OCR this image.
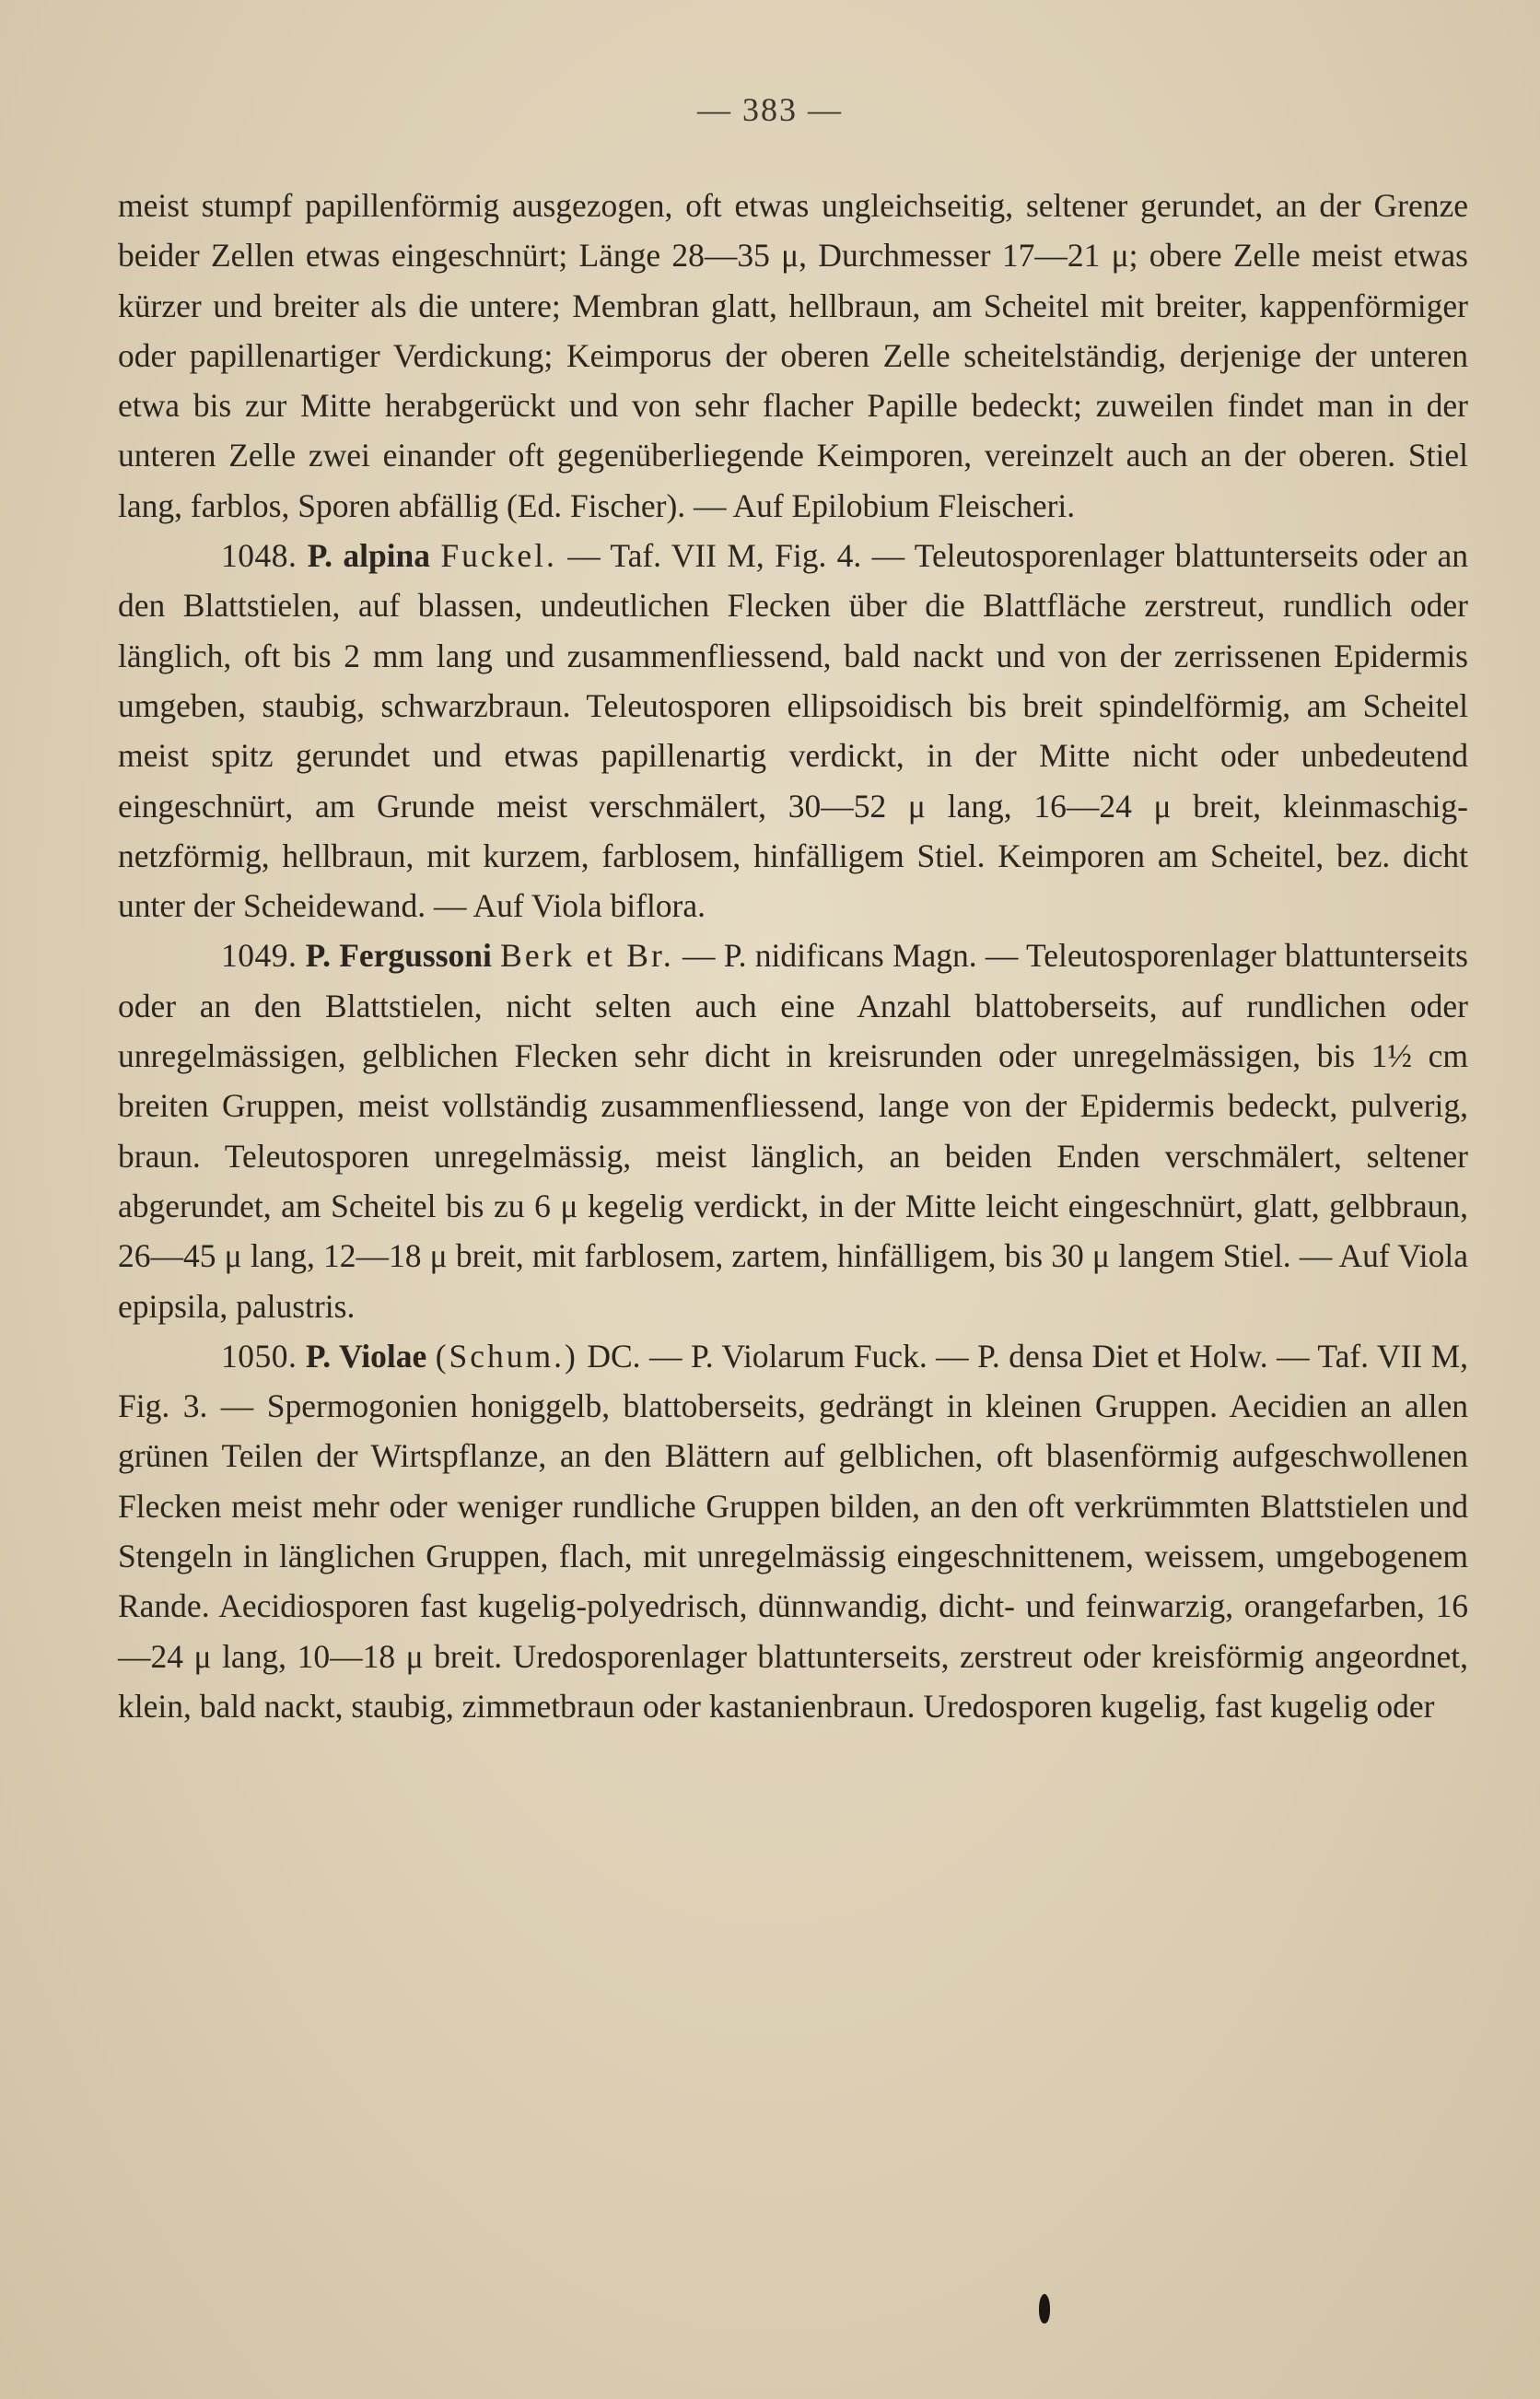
— 383 —

meist stumpf papillenförmig ausgezogen, oft etwas ungleichseitig, seltener gerundet, an der Grenze beider Zellen etwas eingeschnürt; Länge 28—35 μ, Durchmesser 17—21 μ; obere Zelle meist etwas kürzer und breiter als die untere; Membran glatt, hellbraun, am Scheitel mit breiter, kappenförmiger oder papillenartiger Verdickung; Keimporus der oberen Zelle scheitelständig, derjenige der unteren etwa bis zur Mitte herabgerückt und von sehr flacher Papille bedeckt; zuweilen findet man in der unteren Zelle zwei einander oft gegenüberliegende Keimporen, vereinzelt auch an der oberen. Stiel lang, farblos, Sporen abfällig (Ed. Fischer). — Auf Epilobium Fleischeri.

1048. P. alpina Fuckel. — Taf. VII M, Fig. 4. — Teleutosporenlager blattunterseits oder an den Blattstielen, auf blassen, undeutlichen Flecken über die Blattfläche zerstreut, rundlich oder länglich, oft bis 2 mm lang und zusammenfliessend, bald nackt und von der zerrissenen Epidermis umgeben, staubig, schwarzbraun. Teleutosporen ellipsoidisch bis breit spindelförmig, am Scheitel meist spitz gerundet und etwas papillenartig verdickt, in der Mitte nicht oder unbedeutend eingeschnürt, am Grunde meist verschmälert, 30—52 μ lang, 16—24 μ breit, kleinmaschig-netzförmig, hellbraun, mit kurzem, farblosem, hinfälligem Stiel. Keimporen am Scheitel, bez. dicht unter der Scheidewand. — Auf Viola biflora.

1049. P. Fergussoni Berk et Br. — P. nidificans Magn. — Teleutosporenlager blattunterseits oder an den Blattstielen, nicht selten auch eine Anzahl blattoberseits, auf rundlichen oder unregelmässigen, gelblichen Flecken sehr dicht in kreisrunden oder unregelmässigen, bis 1½ cm breiten Gruppen, meist vollständig zusammenfliessend, lange von der Epidermis bedeckt, pulverig, braun. Teleutosporen unregelmässig, meist länglich, an beiden Enden verschmälert, seltener abgerundet, am Scheitel bis zu 6 μ kegelig verdickt, in der Mitte leicht eingeschnürt, glatt, gelbbraun, 26—45 μ lang, 12—18 μ breit, mit farblosem, zartem, hinfälligem, bis 30 μ langem Stiel. — Auf Viola epipsila, palustris.

1050. P. Violae (Schum.) DC. — P. Violarum Fuck. — P. densa Diet et Holw. — Taf. VII M, Fig. 3. — Spermogonien honiggelb, blattoberseits, gedrängt in kleinen Gruppen. Aecidien an allen grünen Teilen der Wirtspflanze, an den Blättern auf gelblichen, oft blasenförmig aufgeschwollenen Flecken meist mehr oder weniger rundliche Gruppen bilden, an den oft verkrümmten Blattstielen und Stengeln in länglichen Gruppen, flach, mit unregelmässig eingeschnittenem, weissem, umgebogenem Rande. Aecidiosporen fast kugelig-polyedrisch, dünnwandig, dicht- und feinwarzig, orangefarben, 16—24 μ lang, 10—18 μ breit. Uredosporenlager blattunterseits, zerstreut oder kreisförmig angeordnet, klein, bald nackt, staubig, zimmetbraun oder kastanienbraun. Uredosporen kugelig, fast kugelig oder
